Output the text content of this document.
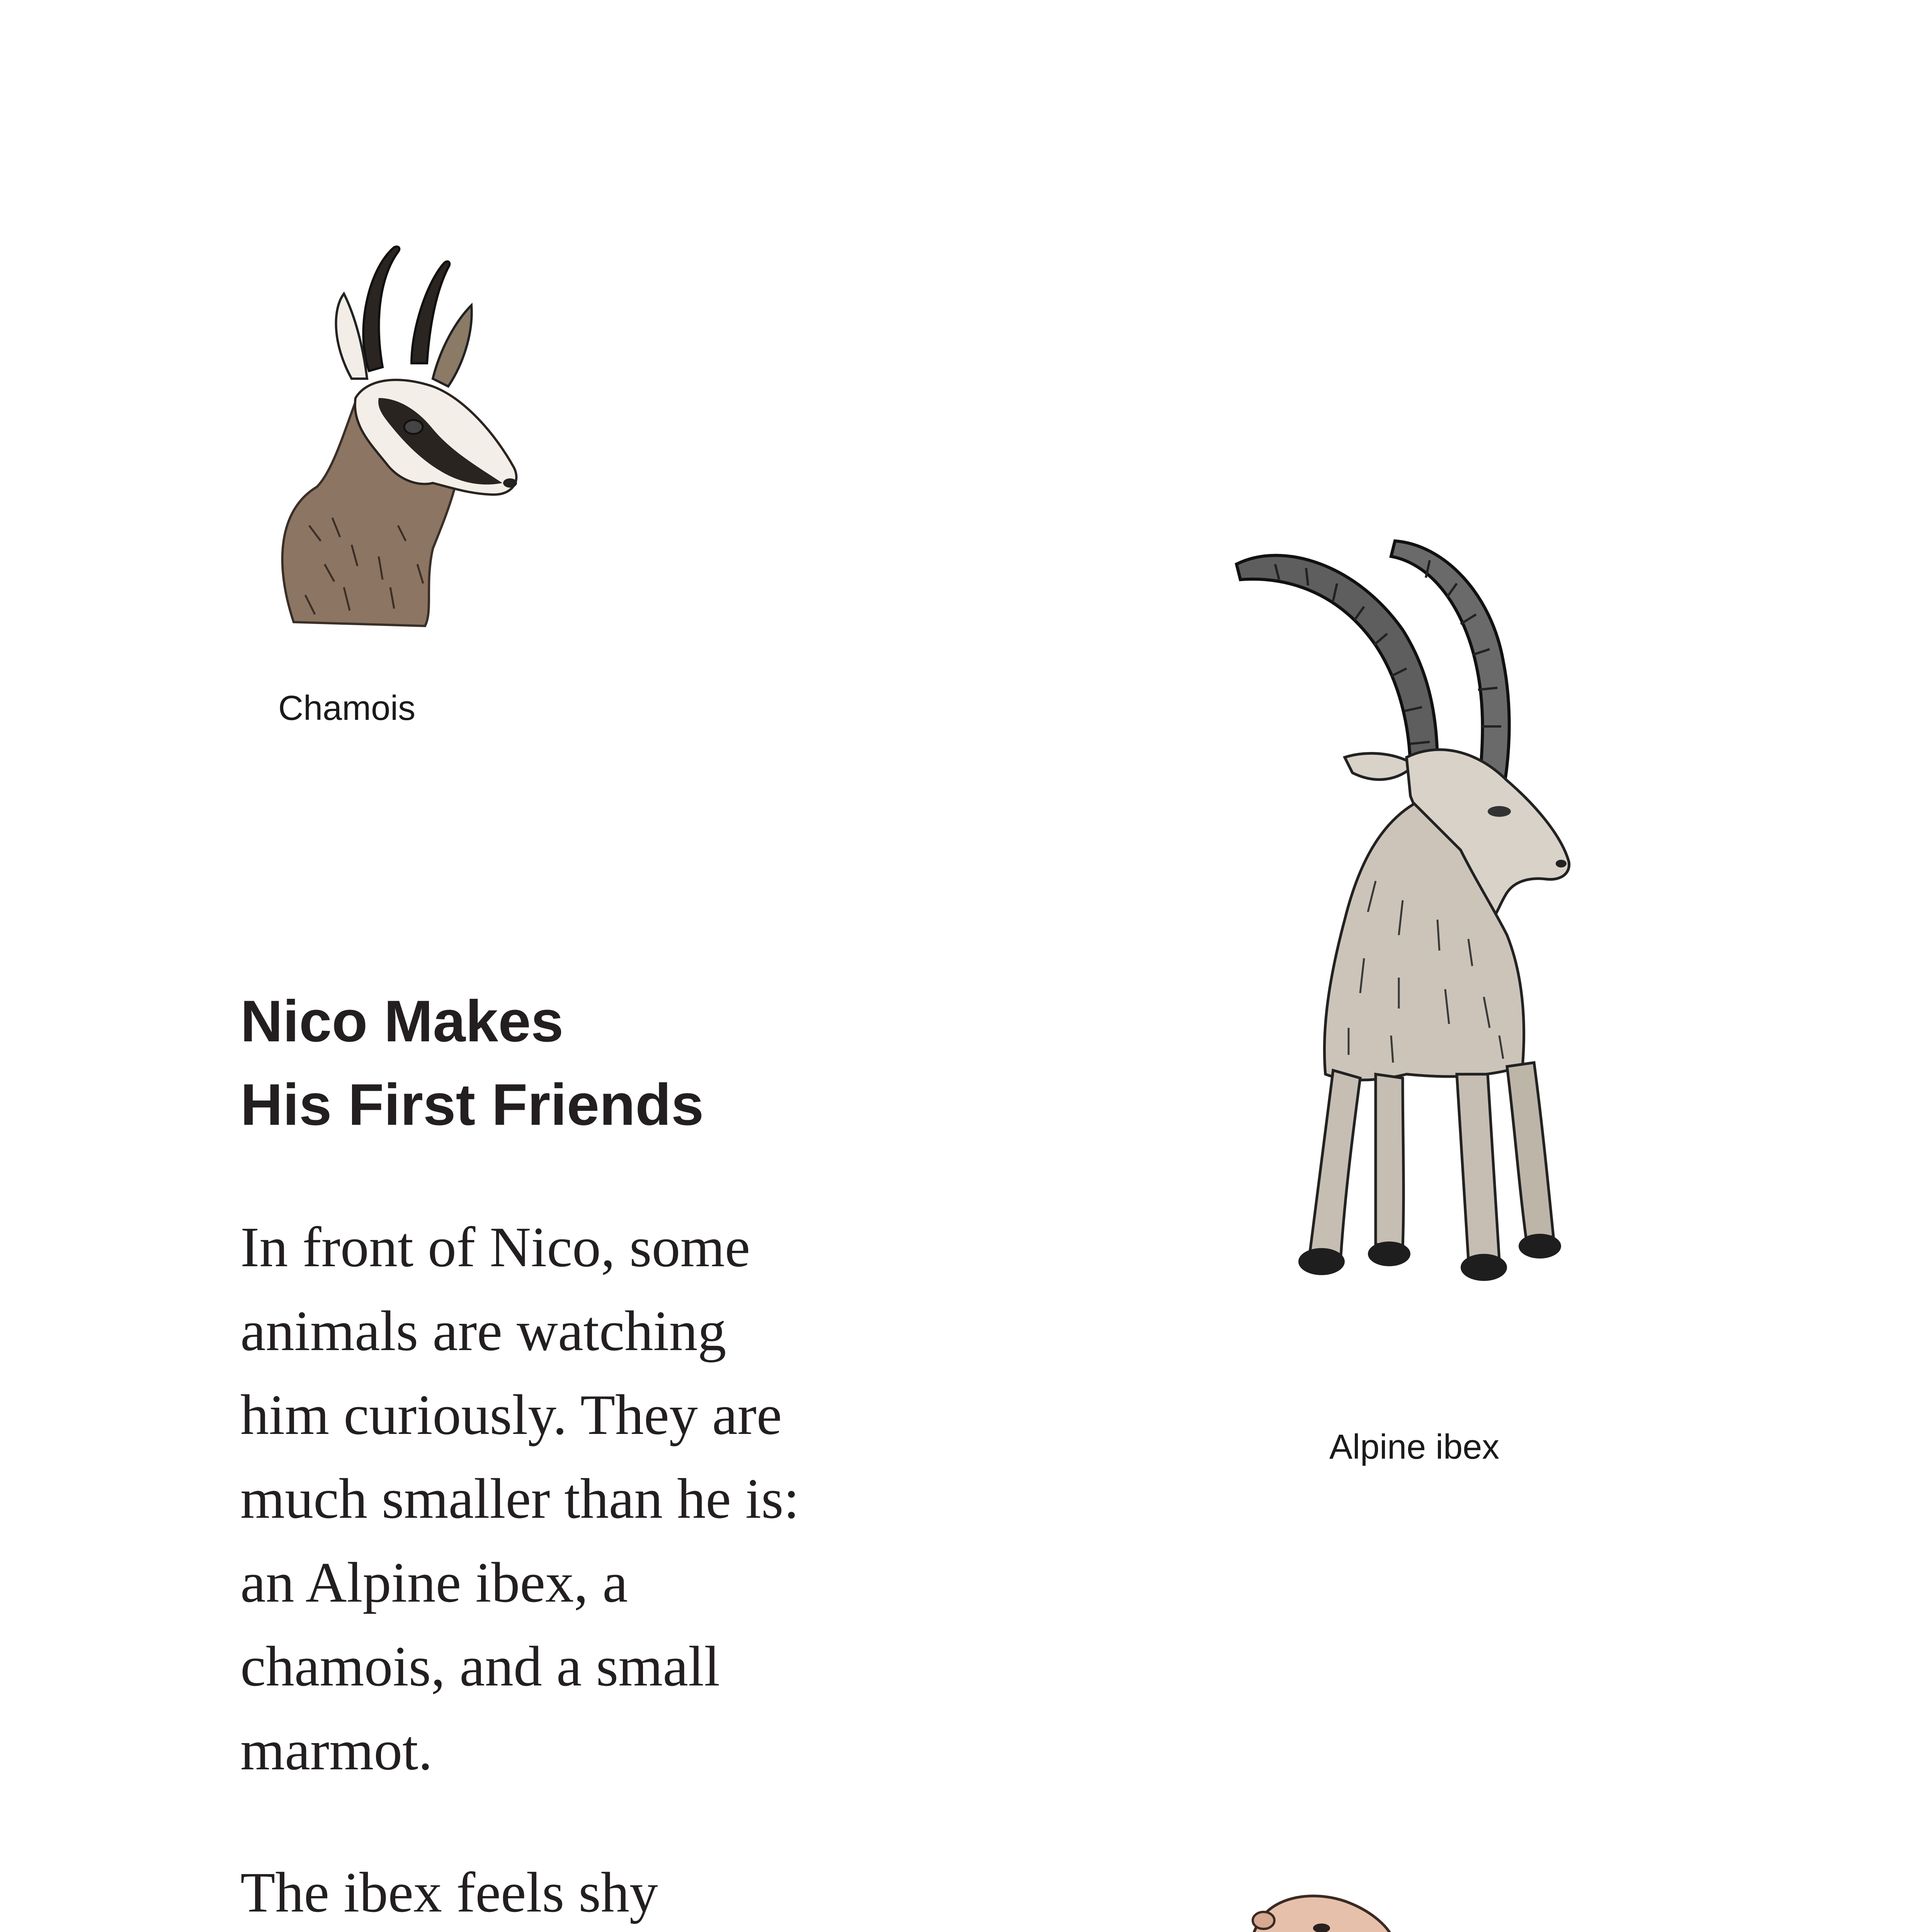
Chamois
Alpine ibex
Nico Makes
His First Friends

In front of Nico, some
animals are watching
him curiously. They are
much smaller than he is:
an Alpine ibex, a
chamois, and a small
marmot.

The ibex feels shy
